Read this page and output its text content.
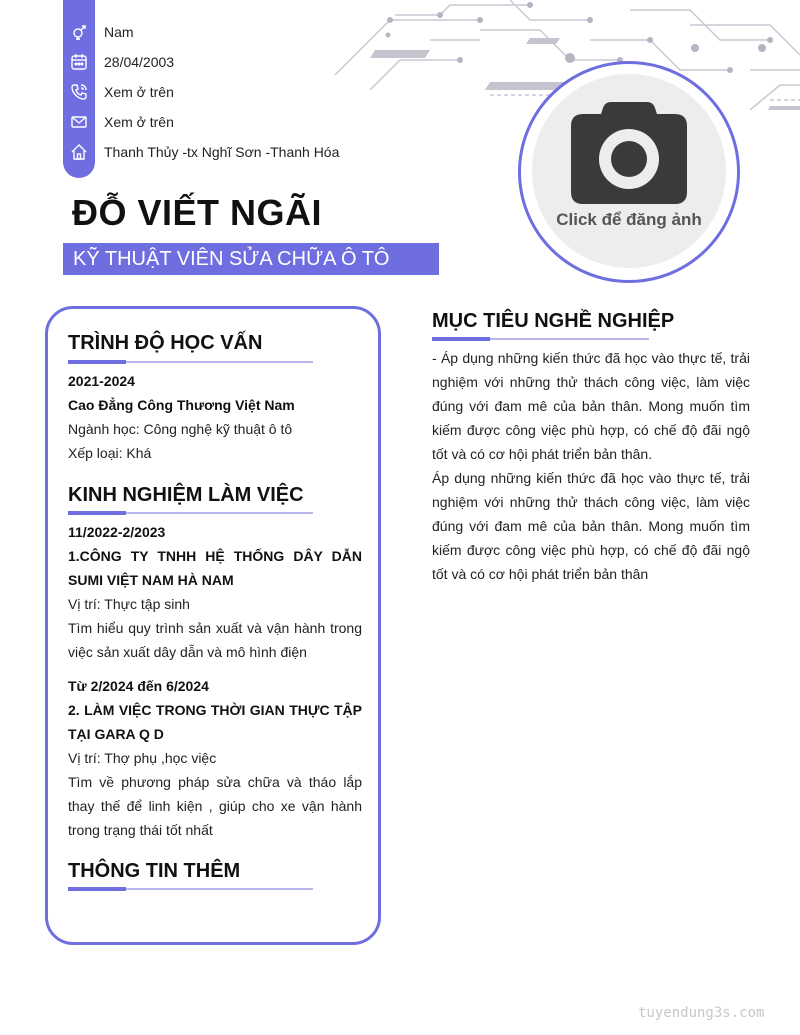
Nam
28/04/2003
Xem ở trên
Xem ở trên
Thanh Thủy -tx Nghĩ Sơn -Thanh Hóa
ĐỖ VIẾT NGÃI
KỸ THUẬT VIÊN SỬA CHỮA Ô TÔ
Click để đăng ảnh
TRÌNH ĐỘ HỌC VẤN
2021-2024
Cao Đẳng Công Thương Việt Nam
Ngành học: Công nghệ kỹ thuật ô tô
Xếp loại: Khá
KINH NGHIỆM LÀM VIỆC
11/2022-2/2023
1.CÔNG TY TNHH HỆ THỐNG DÂY DẪN
SUMI VIỆT NAM HÀ NAM
Vị trí: Thực tập sinh
Tìm hiểu quy trình sản xuất và vận hành trong
việc sản xuất dây dẫn và mô hình điện
Từ 2/2024 đến 6/2024
2. LÀM VIỆC TRONG THỜI GIAN THỰC TẬP
TẠI GARA Q D
Vị trí: Thợ phụ ,học việc
Tìm về phương pháp sửa chữa và tháo lắp
thay thế để linh kiện , giúp cho xe vận hành
trong trạng thái tốt nhất
THÔNG TIN THÊM
MỤC TIÊU NGHỀ NGHIỆP
- Áp dụng những kiến thức đã học vào thực tế, trải
nghiệm với những thử thách công việc, làm việc
đúng với đam mê của bản thân. Mong muốn tìm
kiếm được công việc phù hợp, có chế độ đãi ngộ
tốt và có cơ hội phát triển bản thân.
Áp dụng những kiến thức đã học vào thực tế, trải
nghiệm với những thử thách công việc, làm việc
đúng với đam mê của bản thân. Mong muốn tìm
kiếm được công việc phù hợp, có chế độ đãi ngộ
tốt và có cơ hội phát triển bản thân
tuyendung3s.com
